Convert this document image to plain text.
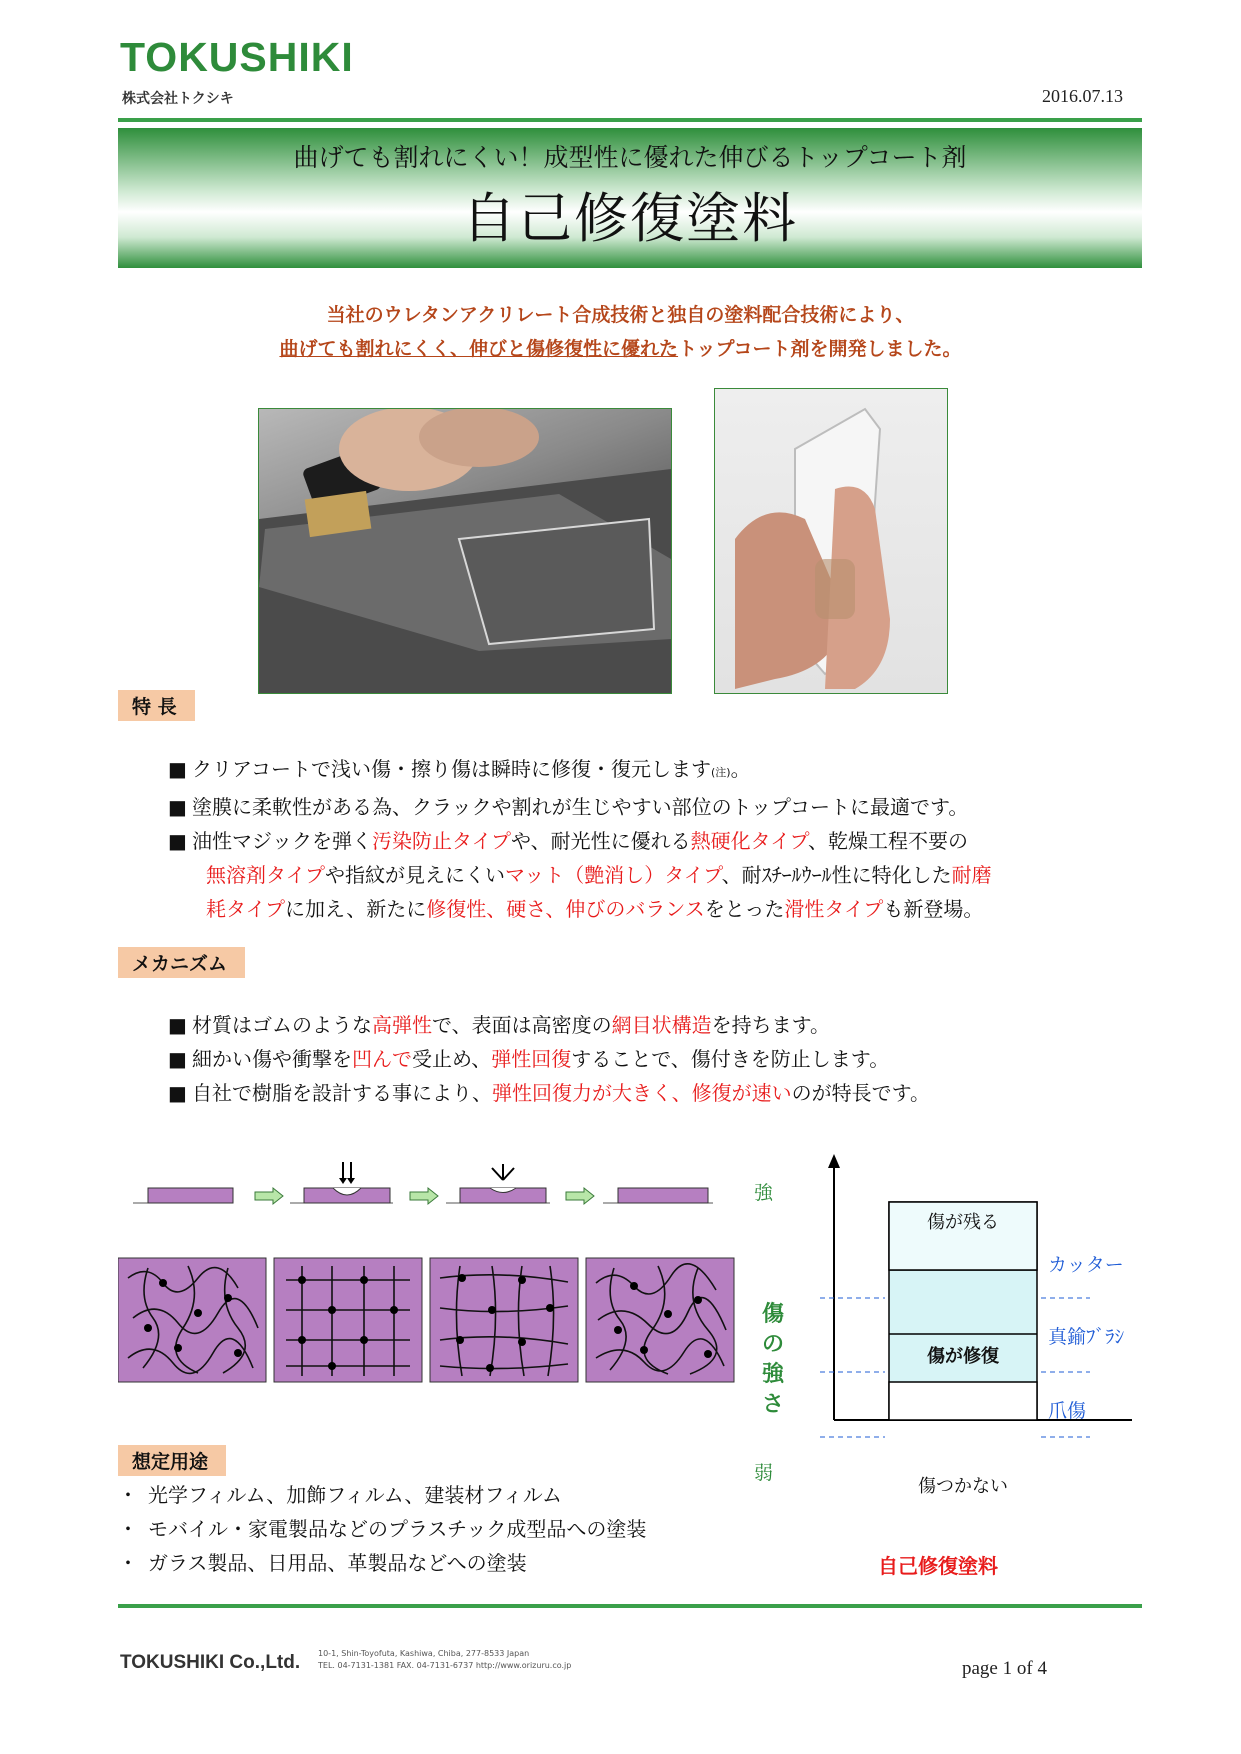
TOKUSHIKI
株式会社トクシキ	2016.07.13
曲げても割れにくい！成型性に優れた伸びるトップコート剤
自己修復塗料
当社のウレタンアクリレート合成技術と独自の塗料配合技術により、
曲げても割れにくく、伸びと傷修復性に優れたトップコート剤を開発しました。
特 長
■ クリアコートで浅い傷・擦り傷は瞬時に修復・復元します(注)。
■ 塗膜に柔軟性がある為、クラックや割れが生じやすい部位のトップコートに最適です。
■ 油性マジックを弾く汚染防止タイプや、耐光性に優れる熱硬化タイプ、乾燥工程不要の
無溶剤タイプや指紋が見えにくいマット（艶消し）タイプ、耐ｽﾁｰﾙｳｰﾙ性に特化した耐磨
耗タイプに加え、新たに修復性、硬さ、伸びのバランスをとった滑性タイプも新登場。
メカニズム
■ 材質はゴムのような高弾性で、表面は高密度の網目状構造を持ちます。
■ 細かい傷や衝撃を凹んで受止め、弾性回復することで、傷付きを防止します。
■ 自社で樹脂を設計する事により、弾性回復力が大きく、修復が速いのが特長です。
強
弱
傷
の
強
さ
傷が残る
傷が修復
傷つかない
カッター
真鍮ﾌﾞﾗｼ
爪傷
自己修復塗料
想定用途
・ 光学フィルム、加飾フィルム、建装材フィルム
・ モバイル・家電製品などのプラスチック成型品への塗装
・ ガラス製品、日用品、革製品などへの塗装
TOKUSHIKI Co.,Ltd. 10-1, Shin-Toyofuta, Kashiwa, Chiba, 277-8533 Japan
TEL. 04-7131-1381 FAX. 04-7131-6737 http://www.orizuru.co.jp	page 1 of 4
